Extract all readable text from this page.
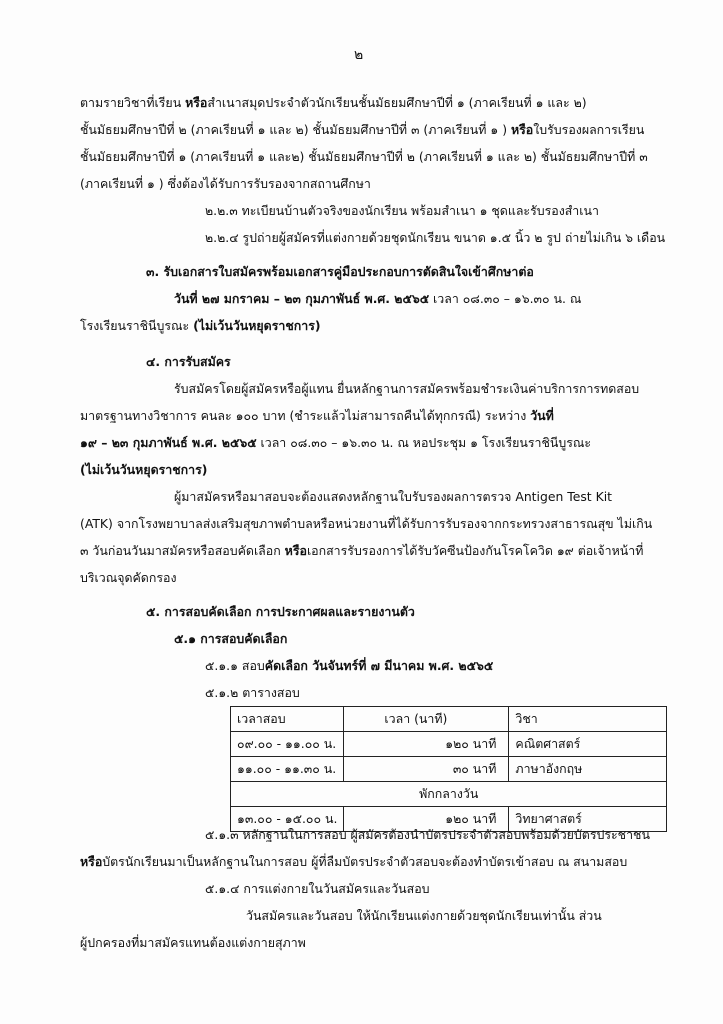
๒
ตามรายวิชาที่เรียน หรือสำเนาสมุดประจำตัวนักเรียนชั้นมัธยมศึกษาปีที่ ๑ (ภาคเรียนที่ ๑ และ ๒)
ชั้นมัธยมศึกษาปีที่ ๒ (ภาคเรียนที่ ๑ และ ๒) ชั้นมัธยมศึกษาปีที่ ๓ (ภาคเรียนที่ ๑ ) หรือใบรับรองผลการเรียน
ชั้นมัธยมศึกษาปีที่ ๑ (ภาคเรียนที่ ๑ และ๒) ชั้นมัธยมศึกษาปีที่ ๒ (ภาคเรียนที่ ๑ และ ๒) ชั้นมัธยมศึกษาปีที่ ๓
(ภาคเรียนที่ ๑ ) ซึ่งต้องได้รับการรับรองจากสถานศึกษา
๒.๒.๓ ทะเบียนบ้านตัวจริงของนักเรียน พร้อมสำเนา ๑ ชุดและรับรองสำเนา
๒.๒.๔ รูปถ่ายผู้สมัครที่แต่งกายด้วยชุดนักเรียน ขนาด ๑.๕ นิ้ว ๒ รูป ถ่ายไม่เกิน ๖ เดือน
๓. รับเอกสารใบสมัครพร้อมเอกสารคู่มือประกอบการตัดสินใจเข้าศึกษาต่อ
วันที่ ๒๗ มกราคม – ๒๓ กุมภาพันธ์ พ.ศ. ๒๕๖๕ เวลา ๐๘.๓๐ – ๑๖.๓๐ น. ณ
โรงเรียนราชินีบูรณะ (ไม่เว้นวันหยุดราชการ)
๔. การรับสมัคร
รับสมัครโดยผู้สมัครหรือผู้แทน ยื่นหลักฐานการสมัครพร้อมชำระเงินค่าบริการการทดสอบ
มาตรฐานทางวิชาการ คนละ ๑๐๐ บาท (ชำระแล้วไม่สามารถคืนได้ทุกกรณี) ระหว่าง วันที่
๑๙ – ๒๓ กุมภาพันธ์ พ.ศ. ๒๕๖๕ เวลา ๐๘.๓๐ – ๑๖.๓๐ น. ณ หอประชุม ๑ โรงเรียนราชินีบูรณะ
(ไม่เว้นวันหยุดราชการ)
ผู้มาสมัครหรือมาสอบจะต้องแสดงหลักฐานใบรับรองผลการตรวจ Antigen Test Kit
(ATK) จากโรงพยาบาลส่งเสริมสุขภาพตำบลหรือหน่วยงานที่ได้รับการรับรองจากกระทรวงสาธารณสุข ไม่เกิน
๓ วันก่อนวันมาสมัครหรือสอบคัดเลือก หรือเอกสารรับรองการได้รับวัคซีนป้องกันโรคโควิด ๑๙ ต่อเจ้าหน้าที่
บริเวณจุดคัดกรอง
๕. การสอบคัดเลือก การประกาศผลและรายงานตัว
๕.๑ การสอบคัดเลือก
๕.๑.๑ สอบคัดเลือก วันจันทร์ที่ ๗ มีนาคม พ.ศ. ๒๕๖๕
๕.๑.๒ ตารางสอบ
เวลาสอบ	เวลา (นาที)	วิชา
๐๙.๐๐ - ๑๑.๐๐ น.	๑๒๐ นาที	คณิตศาสตร์
๑๑.๐๐ - ๑๑.๓๐ น.	๓๐ นาที	ภาษาอังกฤษ
พักกลางวัน		
๑๓.๐๐ - ๑๕.๐๐ น.	๑๒๐ นาที	วิทยาศาสตร์
๕.๑.๓ หลักฐานในการสอบ ผู้สมัครต้องนำบัตรประจำตัวสอบพร้อมด้วยบัตรประชาชน
หรือบัตรนักเรียนมาเป็นหลักฐานในการสอบ ผู้ที่ลืมบัตรประจำตัวสอบจะต้องทำบัตรเข้าสอบ ณ สนามสอบ
๕.๑.๔ การแต่งกายในวันสมัครและวันสอบ
วันสมัครและวันสอบ ให้นักเรียนแต่งกายด้วยชุดนักเรียนเท่านั้น ส่วน
ผู้ปกครองที่มาสมัครแทนต้องแต่งกายสุภาพ
